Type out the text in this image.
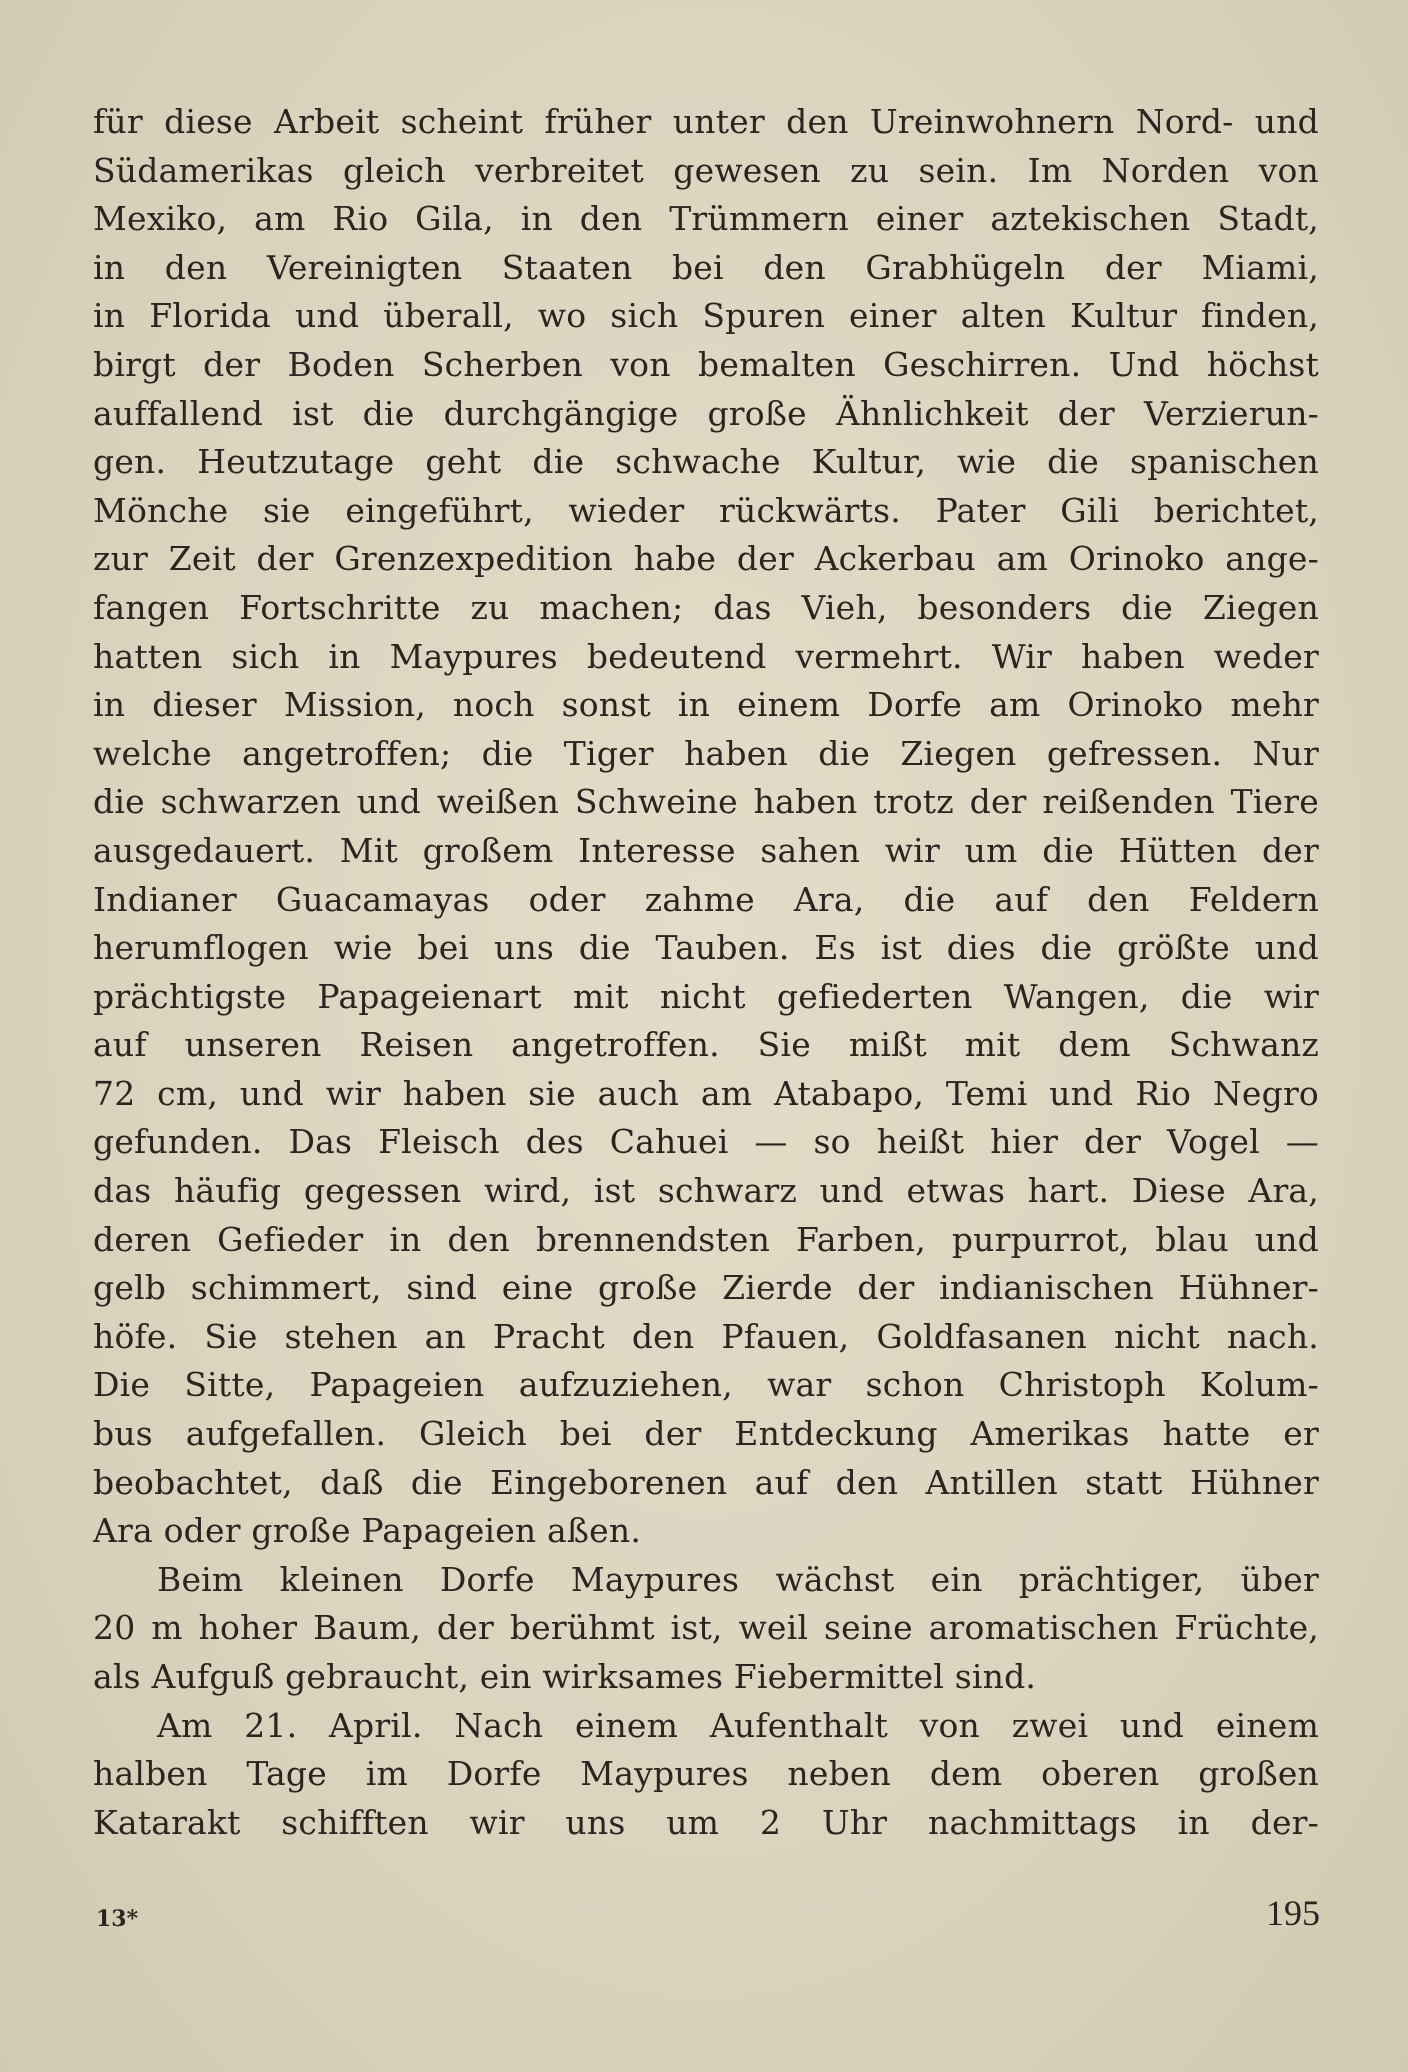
für diese Arbeit scheint früher unter den Ureinwohnern Nord- und
Südamerikas gleich verbreitet gewesen zu sein. Im Norden von
Mexiko, am Rio Gila, in den Trümmern einer aztekischen Stadt,
in den Vereinigten Staaten bei den Grabhügeln der Miami,
in Florida und überall, wo sich Spuren einer alten Kultur finden,
birgt der Boden Scherben von bemalten Geschirren. Und höchst
auffallend ist die durchgängige große Ähnlichkeit der Verzierun-
gen. Heutzutage geht die schwache Kultur, wie die spanischen
Mönche sie eingeführt, wieder rückwärts. Pater Gili berichtet,
zur Zeit der Grenzexpedition habe der Ackerbau am Orinoko ange-
fangen Fortschritte zu machen; das Vieh, besonders die Ziegen
hatten sich in Maypures bedeutend vermehrt. Wir haben weder
in dieser Mission, noch sonst in einem Dorfe am Orinoko mehr
welche angetroffen; die Tiger haben die Ziegen gefressen. Nur
die schwarzen und weißen Schweine haben trotz der reißenden Tiere
ausgedauert. Mit großem Interesse sahen wir um die Hütten der
Indianer Guacamayas oder zahme Ara, die auf den Feldern
herumflogen wie bei uns die Tauben. Es ist dies die größte und
prächtigste Papageienart mit nicht gefiederten Wangen, die wir
auf unseren Reisen angetroffen. Sie mißt mit dem Schwanz
72 cm, und wir haben sie auch am Atabapo, Temi und Rio Negro
gefunden. Das Fleisch des Cahuei — so heißt hier der Vogel —
das häufig gegessen wird, ist schwarz und etwas hart. Diese Ara,
deren Gefieder in den brennendsten Farben, purpurrot, blau und
gelb schimmert, sind eine große Zierde der indianischen Hühner-
höfe. Sie stehen an Pracht den Pfauen, Goldfasanen nicht nach.
Die Sitte, Papageien aufzuziehen, war schon Christoph Kolum-
bus aufgefallen. Gleich bei der Entdeckung Amerikas hatte er
beobachtet, daß die Eingeborenen auf den Antillen statt Hühner
Ara oder große Papageien aßen.
Beim kleinen Dorfe Maypures wächst ein prächtiger, über
20 m hoher Baum, der berühmt ist, weil seine aromatischen Früchte,
als Aufguß gebraucht, ein wirksames Fiebermittel sind.
Am 21. April. Nach einem Aufenthalt von zwei und einem
halben Tage im Dorfe Maypures neben dem oberen großen
Katarakt schifften wir uns um 2 Uhr nachmittags in der-
13*	195
